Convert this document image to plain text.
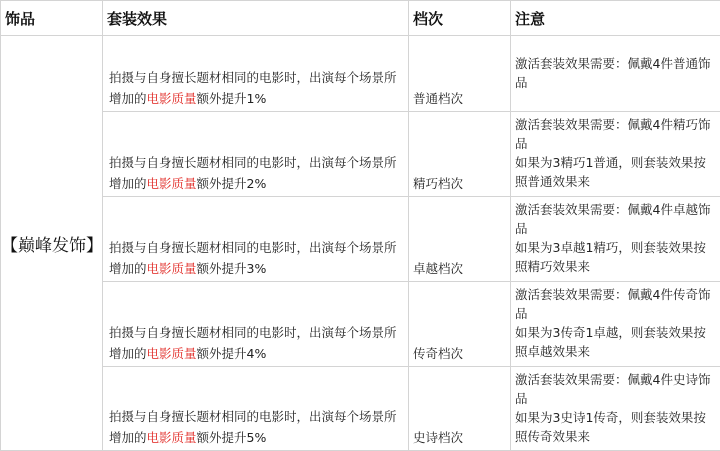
饰品	套装效果	档次	注意
【巅峰发饰】	拍摄与自身擅长题材相同的电影时，出演每个场景所增加的电影质量额外提升1%	普通档次	激活套装效果需要：佩戴4件普通饰品

	拍摄与自身擅长题材相同的电影时，出演每个场景所增加的电影质量额外提升2%	精巧档次	激活套装效果需要：佩戴4件精巧饰品
如果为3精巧1普通，则套装效果按照普通效果来

	拍摄与自身擅长题材相同的电影时，出演每个场景所增加的电影质量额外提升3%	卓越档次	激活套装效果需要：佩戴4件卓越饰品
如果为3卓越1精巧，则套装效果按照精巧效果来

	拍摄与自身擅长题材相同的电影时，出演每个场景所增加的电影质量额外提升4%	传奇档次	激活套装效果需要：佩戴4件传奇饰品
如果为3传奇1卓越，则套装效果按照卓越效果来

	拍摄与自身擅长题材相同的电影时，出演每个场景所增加的电影质量额外提升5%	史诗档次	激活套装效果需要：佩戴4件史诗饰品
如果为3史诗1传奇，则套装效果按照传奇效果来
